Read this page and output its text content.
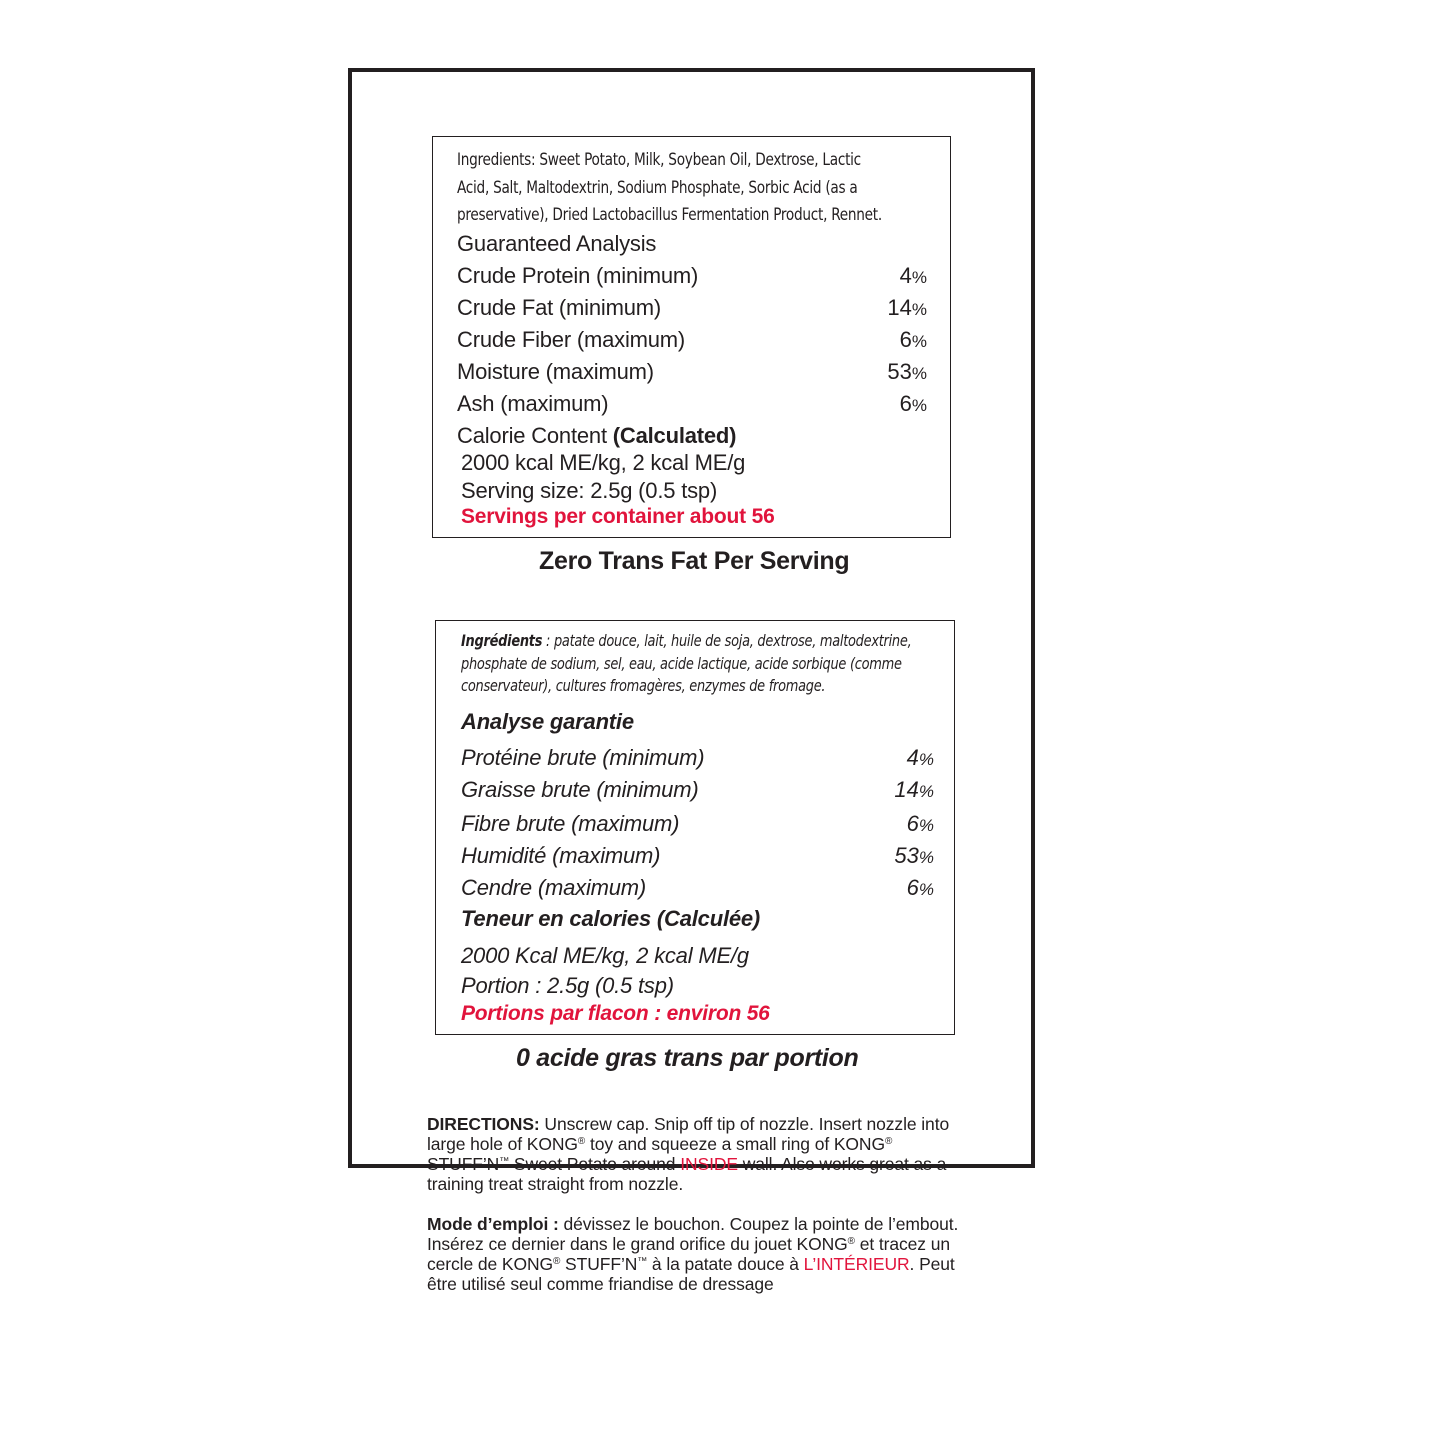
Ingredients: Sweet Potato, Milk, Soybean Oil, Dextrose, Lactic
Acid, Salt, Maltodextrin, Sodium Phosphate, Sorbic Acid (as a
preservative), Dried Lactobacillus Fermentation Product, Rennet.
Guaranteed Analysis
Crude Protein (minimum)	4%
Crude Fat (minimum)	14%
Crude Fiber (maximum)	6%
Moisture (maximum)	53%
Ash (maximum)	6%
Calorie Content (Calculated)
2000 kcal ME/kg, 2 kcal ME/g
Serving size: 2.5g (0.5 tsp)
Servings per container about 56
Zero Trans Fat Per Serving
Ingrédients : patate douce, lait, huile de soja, dextrose, maltodextrine,
phosphate de sodium, sel, eau, acide lactique, acide sorbique (comme
conservateur), cultures fromagères, enzymes de fromage.
Analyse garantie
Protéine brute (minimum)	4%
Graisse brute (minimum)	14%
Fibre brute (maximum)	6%
Humidité (maximum)	53%
Cendre (maximum)	6%
Teneur en calories (Calculée)
2000 Kcal ME/kg, 2 kcal ME/g
Portion : 2.5g (0.5 tsp)
Portions par flacon : environ 56
0 acide gras trans par portion
DIRECTIONS: Unscrew cap. Snip off tip of nozzle. Insert nozzle into large hole of KONG® toy and squeeze a small ring of KONG® STUFF’N™ Sweet Potato around INSIDE wall. Also works great as a training treat straight from nozzle.
Mode d’emploi : dévissez le bouchon. Coupez la pointe de l’embout. Insérez ce dernier dans le grand orifice du jouet KONG® et tracez un cercle de KONG® STUFF’N™ à la patate douce à L’INTÉRIEUR. Peut être utilisé seul comme friandise de dressage
